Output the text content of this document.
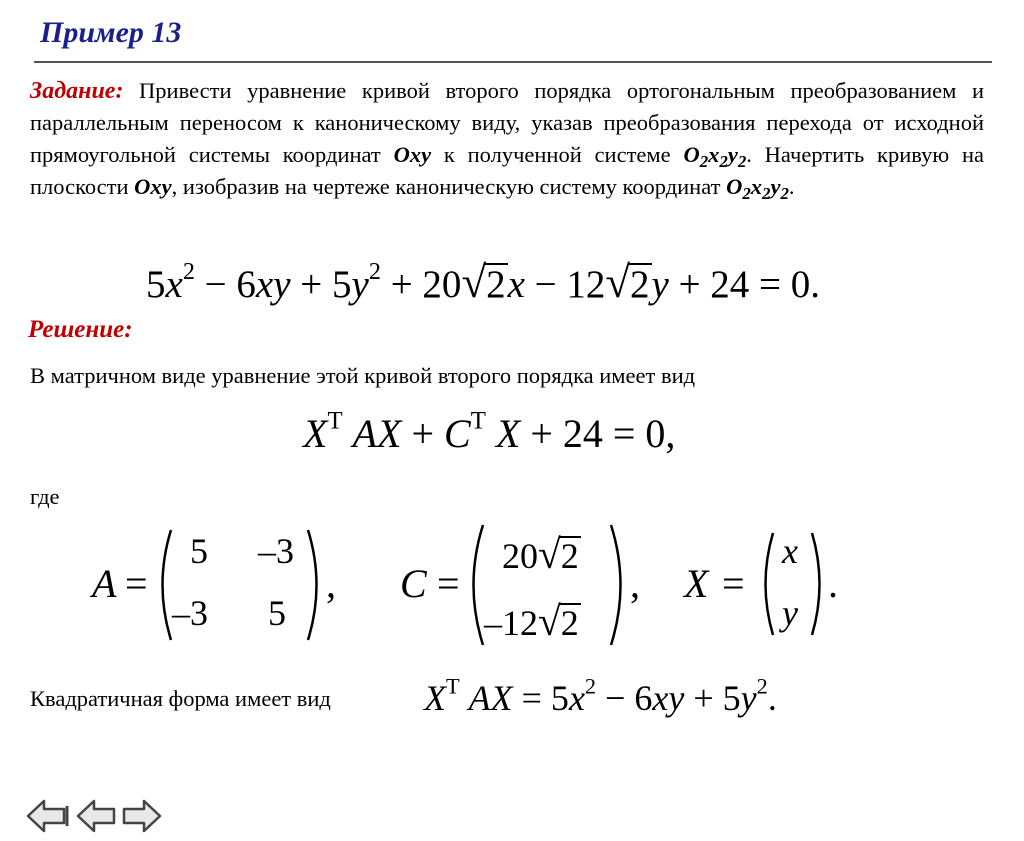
Пример 13
Задание: Привести уравнение кривой второго порядка ортогональным преобразованием и параллельным переносом к каноническому виду, указав преобразования перехода от исходной прямоугольной системы координат Oxy к полученной системе $O_2x_2y_2$. Начертить кривую на плоскости Oxy, изобразив на чертеже каноническую систему координат $O_2x_2y_2$.
$5x^2 - 6xy + 5y^2 + 20√2x - 12√2y + 24 = 0$.
Решение:
В матричном виде уравнение этой кривой второго порядка имеет вид
$X^T$ AX + $C^T$ X + 24 = 0,
где
A =
5 –3
–3 5
, C =
20√2
–12√2
, X =
x
y
.
Квадратичная форма имеет вид	$X^T$ AX = $5x^2 - 6xy + 5y^2$.
